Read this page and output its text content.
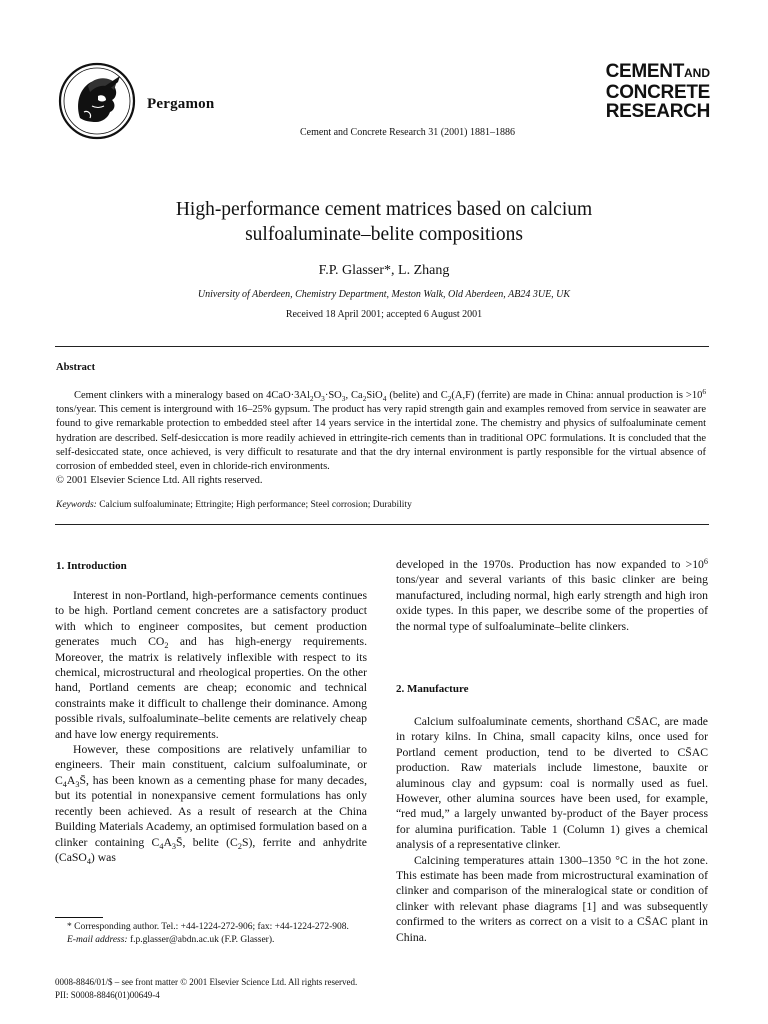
Pergamon
Cement and Concrete Research 31 (2001) 1881–1886
CEMENTAND
CONCRETE
RESEARCH
High-performance cement matrices based on calcium
sulfoaluminate–belite compositions
F.P. Glasser*, L. Zhang
University of Aberdeen, Chemistry Department, Meston Walk, Old Aberdeen, AB24 3UE, UK
Received 18 April 2001; accepted 6 August 2001
Abstract

Cement clinkers with a mineralogy based on $4CaO\cdot 3Al_2O_3\cdot SO_3$, $Ca_2SiO_4$ (belite) and $C_2(A,F)$ (ferrite) are made in China: annual production is $>10^6$ tons/year. This cement is interground with 16–25% gypsum. The product has very rapid strength gain and examples removed from service in seawater are found to give remarkable protection to embedded steel after 14 years service in the intertidal zone. The chemistry and physics of sulfoaluminate cement hydration are described. Self-desiccation is more readily achieved in ettringite-rich cements than in traditional OPC formulations. It is concluded that the self-desiccated state, once achieved, is very difficult to resaturate and that the dry internal environment is partly responsible for the virtual absence of corrosion of embedded steel, even in chloride-rich environments.
© 2001 Elsevier Science Ltd. All rights reserved.

Keywords: Calcium sulfoaluminate; Ettringite; High performance; Steel corrosion; Durability
1. Introduction

Interest in non-Portland, high-performance cements continues to be high. Portland cement concretes are a satisfactory product with which to engineer composites, but cement production generates much $CO_2$ and has high-energy requirements. Moreover, the matrix is relatively inflexible with respect to its chemical, microstructural and rheological properties. On the other hand, Portland cements are cheap; economic and technical constraints make it difficult to challenge their dominance. Among possible rivals, sulfoaluminate–belite cements are relatively cheap and have low energy requirements.

However, these compositions are relatively unfamiliar to engineers. Their main constituent, calcium sulfoaluminate, or $C_4A_3S̄$, has been known as a cementing phase for many decades, but its potential in nonexpansive cement formulations has only recently been achieved. As a result of research at the China Building Materials Academy, an optimised formulation based on a clinker containing $C_4A_3S̄$, belite $(C_2S)$, ferrite and anhydrite (CaSO$_4$) was

developed in the 1970s. Production has now expanded to $>10^6$ tons/year and several variants of this basic clinker are being manufactured, including normal, high early strength and high iron oxide types. In this paper, we describe some of the properties of the normal type of sulfoaluminate–belite clinkers.

2. Manufacture

Calcium sulfoaluminate cements, shorthand CS̄AC, are made in rotary kilns. In China, small capacity kilns, once used for Portland cement production, tend to be diverted to CS̄AC production. Raw materials include limestone, bauxite or aluminous clay and gypsum: coal is normally used as fuel. However, other alumina sources have been used, for example, “red mud,” a largely unwanted by-product of the Bayer process for alumina purification. Table 1 (Column 1) gives a chemical analysis of a representative clinker.

Calcining temperatures attain 1300–1350 °C in the hot zone. This estimate has been made from microstructural examination of clinker and comparison of the mineralogical state or condition of clinker with relevant phase diagrams [1] and was subsequently confirmed to the writers as correct on a visit to a CS̄AC plant in China.

* Corresponding author. Tel.: +44-1224-272-906; fax: +44-1224-272-908.

E-mail address: f.p.glasser@abdn.ac.uk (F.P. Glasser).

0008-8846/01/$ – see front matter © 2001 Elsevier Science Ltd. All rights reserved.
PII: S0008-8846(01)00649-4
